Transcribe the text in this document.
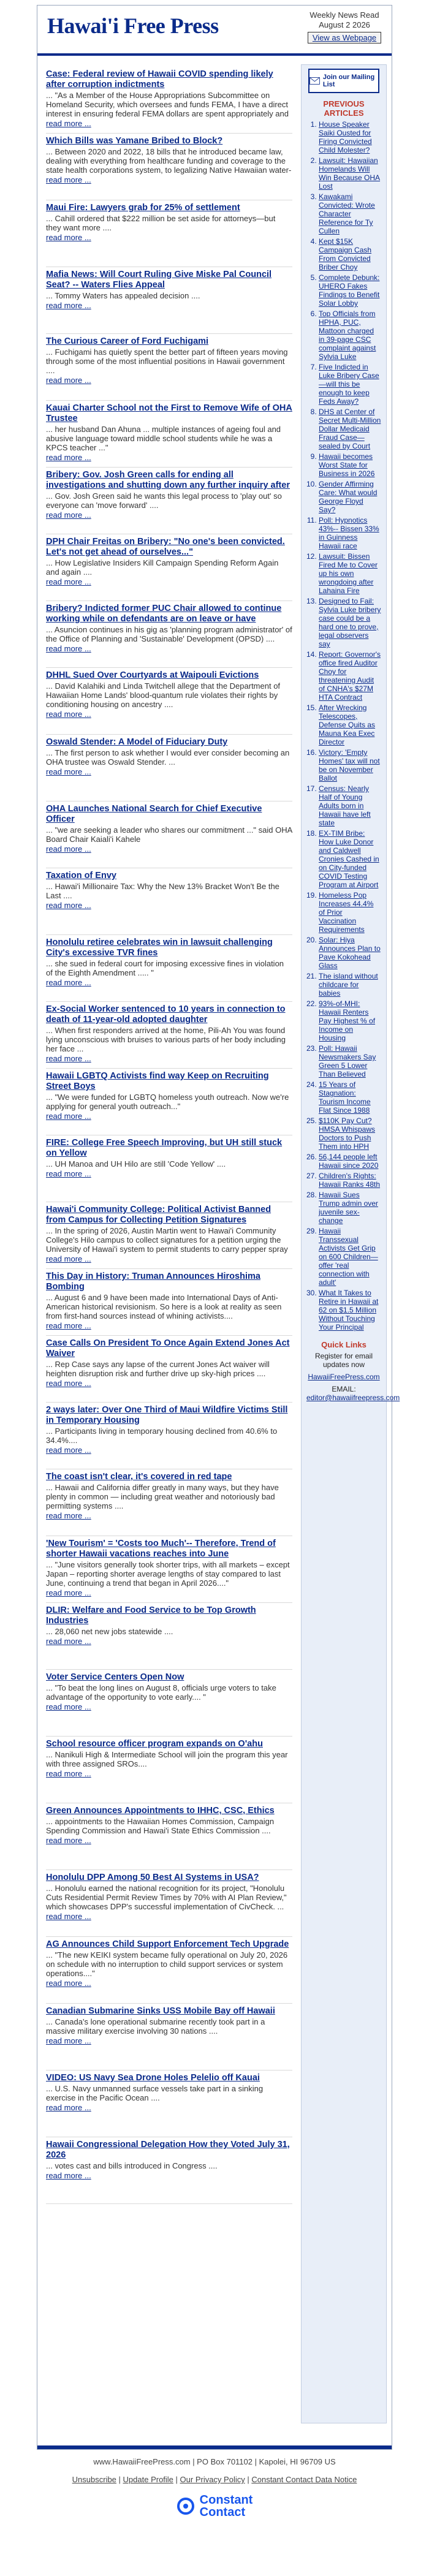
Hawai'i Free Press	Weekly News Read
August 2 2026
View as Webpage
Case: Federal review of Hawaii COVID spending likely after corruption indictments
... "As a Member of the House Appropriations Subcommittee on Homeland Security, which oversees and funds FEMA, I have a direct interest in ensuring federal FEMA dollars are spent appropriately and
read more ...
Which Bills was Yamane Bribed to Block?
... Between 2020 and 2022, 18 bills that he introduced became law, dealing with everything from healthcare funding and coverage to the state health corporations system, to legalizing Native Hawaiian water-
read more ...
Maui Fire: Lawyers grab for 25% of settlement
... Cahill ordered that $222 million be set aside for attorneys—but they want more ....
read more ...
Mafia News: Will Court Ruling Give Miske Pal Council Seat? -- Waters Flies Appeal
... Tommy Waters has appealed decision ....
read more ...
The Curious Career of Ford Fuchigami
... Fuchigami has quietly spent the better part of fifteen years moving through some of the most influential positions in Hawaii government ....
read more ...
Kauai Charter School not the First to Remove Wife of OHA Trustee
... her husband Dan Ahuna ... multiple instances of ageing foul and abusive language toward middle school students while he was a KPCS teacher ..."
read more ...
Bribery: Gov. Josh Green calls for ending all investigations and shutting down any further inquiry after
... Gov. Josh Green said he wants this legal process to 'play out' so everyone can 'move forward' ....
read more ...
DPH Chair Freitas on Bribery: "No one's been convicted. Let's not get ahead of ourselves..."
... How Legislative Insiders Kill Campaign Spending Reform Again and again ....
read more ...
Bribery? Indicted former PUC Chair allowed to continue working while on defendants are on leave or have
... Asuncion continues in his gig as 'planning program administrator' of the Office of Planning and 'Sustainable' Development (OPSD) ....
read more ...
DHHL Sued Over Courtyards at Waipouli Evictions
... David Kalahiki and Linda Twitchell allege that the Department of Hawaiian Home Lands' blood-quantum rule violates their rights by conditioning housing on ancestry ....
read more ...
Oswald Stender: A Model of Fiduciary Duty
... The first person to ask whether I would ever consider becoming an OHA trustee was Oswald Stender. ...
read more ...
OHA Launches National Search for Chief Executive Officer
... "we are seeking a leader who shares our commitment ..." said OHA Board Chair Kaiali'i Kahele
read more ...
Taxation of Envy
... Hawai'i Millionaire Tax: Why the New 13% Bracket Won't Be the Last ....
read more ...
Honolulu retiree celebrates win in lawsuit challenging City's excessive TVR fines
... she sued in federal court for imposing excessive fines in violation of the Eighth Amendment ..... "
read more ...
Ex-Social Worker sentenced to 10 years in connection to death of 11-year-old adopted daughter
... When first responders arrived at the home, Pili-Ah You was found lying unconscious with bruises to various parts of her body including her face ...
read more ...
Hawaii LGBTQ Activists find way Keep on Recruiting Street Boys
... "We were funded for LGBTQ homeless youth outreach. Now we're applying for general youth outreach..."
read more ...
FIRE: College Free Speech Improving, but UH still stuck on Yellow
... UH Manoa and UH Hilo are still 'Code Yellow' ....
read more ...
Hawai'i Community College: Political Activist Banned from Campus for Collecting Petition Signatures
... In the spring of 2026, Austin Martin went to Hawai'i Community College's Hilo campus to collect signatures for a petition urging the University of Hawai'i system to permit students to carry pepper spray
read more ...
This Day in History: Truman Announces Hiroshima Bombing
... August 6 and 9 have been made into International Days of Anti-American historical revisionism. So here is a look at reality as seen from first-hand sources instead of whining activists....
read more ...
Case Calls On President To Once Again Extend Jones Act Waiver
... Rep Case says any lapse of the current Jones Act waiver will heighten disruption risk and further drive up sky-high prices ....
read more ...
2 ways later: Over One Third of Maui Wildfire Victims Still in Temporary Housing
... Participants living in temporary housing declined from 40.6% to 34.4%....
read more ...
The coast isn't clear, it's covered in red tape
... Hawaii and California differ greatly in many ways, but they have plenty in common — including great weather and notoriously bad permitting systems ....
read more ...
'New Tourism' = 'Costs too Much'-- Therefore, Trend of shorter Hawaii vacations reaches into June
... "June visitors generally took shorter trips, with all markets – except Japan – reporting shorter average lengths of stay compared to last June, continuing a trend that began in April 2026...."
read more ...
DLIR: Welfare and Food Service to be Top Growth Industries
... 28,060 net new jobs statewide ....
read more ...
Voter Service Centers Open Now
... "To beat the long lines on August 8, officials urge voters to take advantage of the opportunity to vote early.... "
read more ...
School resource officer program expands on O'ahu
... Nanikuli High & Intermediate School will join the program this year with three assigned SROs....
read more ...
Green Announces Appointments to IHHC, CSC, Ethics
... appointments to the Hawaiian Homes Commission, Campaign Spending Commission and Hawai'i State Ethics Commission ....
read more ...
Honolulu DPP Among 50 Best AI Systems in USA?
... Honolulu earned the national recognition for its project, "Honolulu Cuts Residential Permit Review Times by 70% with AI Plan Review," which showcases DPP's successful implementation of CivCheck. ...
read more ...
AG Announces Child Support Enforcement Tech Upgrade
... "The new KEIKI system became fully operational on July 20, 2026 on schedule with no interruption to child support services or system operations...."
read more ...
Canadian Submarine Sinks USS Mobile Bay off Hawaii
... Canada's lone operational submarine recently took part in a massive military exercise involving 30 nations ....
read more ...
VIDEO: US Navy Sea Drone Holes Pelelio off Kauai
... U.S. Navy unmanned surface vessels take part in a sinking exercise in the Pacific Ocean ....
read more ...
Hawaii Congressional Delegation How they Voted July 31, 2026
... votes cast and bills introduced in Congress ....
read more ...
Join our Mailing List
PREVIOUS ARTICLES
1. House Speaker Saiki Ousted for Firing Convicted Child Molester?
2. Lawsuit: Hawaiian Homelands Will Win Because OHA Lost
3. Kawakami Convicted: Wrote Character Reference for Ty Cullen
4. Kept $15K Campaign Cash From Convicted Briber Choy
5. Complete Debunk: UHERO Fakes Findings to Benefit Solar Lobby
6. Top Officials from HPHA, PUC, Mattoon charged in 39-page CSC complaint against Sylvia Luke
7. Five Indicted in Luke Bribery Case—will this be enough to keep Feds Away?
8. DHS at Center of Secret Multi-Million Dollar Medicaid Fraud Case—sealed by Court
9. Hawaii becomes Worst State for Business in 2026
10. Gender Affirming Care: What would George Floyd Say?
11. Poll: Hypnotics 43%-- Bissen 33% in Guinness Hawaii race
12. Lawsuit: Bissen Fired Me to Cover up his own wrongdoing after Lahaina Fire
13. Designed to Fail: Sylvia Luke bribery case could be a hard one to prove, legal observers say
14. Report: Governor's office fired Auditor Choy for threatening Audit of CNHA's $27M HTA Contract
15. After Wrecking Telescopes, Defense Quits as Mauna Kea Exec Director
16. Victory: 'Empty Homes' tax will not be on November Ballot
17. Census: Nearly Half of Young Adults born in Hawaii have left state
18. EX-TIM Bribe: How Luke Donor and Caldwell Cronies Cashed in on City-funded COVID Testing Program at Airport
19. Homeless Pop Increases 44.4% of Prior Vaccination Requirements
20. Solar: Hiya Announces Plan to Pave Kokohead Glass
21. The island without childcare for babies
22. 93%-of-MHI: Hawaii Renters Pay Highest % of Income on Housing
23. Poll: Hawaii Newsmakers Say Green 5 Lower Than Believed
24. 15 Years of Stagnation: Tourism Income Flat Since 1988
25. $110K Pay Cut? HMSA Whispaws Doctors to Push Them into HPH
26. 56,144 people left Hawaii since 2020
27. Children's Rights: Hawaii Ranks 48th
28. Hawaii Sues Trump admin over juvenile sex-change
29. Hawaii Transsexual Activists Get Grip on 600 Children—offer 'real connection with adult'
30. What It Takes to Retire in Hawaii at 62 on $1.5 Million Without Touching Your Principal
Quick Links
Register for email updates now
HawaiiFreePress.com
EMAIL:
editor@hawaiifreepress.com
www.HawaiiFreePress.com | PO Box 701102 | Kapolei, HI 96709 US
Unsubscribe | Update Profile | Our Privacy Policy | Constant Contact Data Notice
Constant
Contact
